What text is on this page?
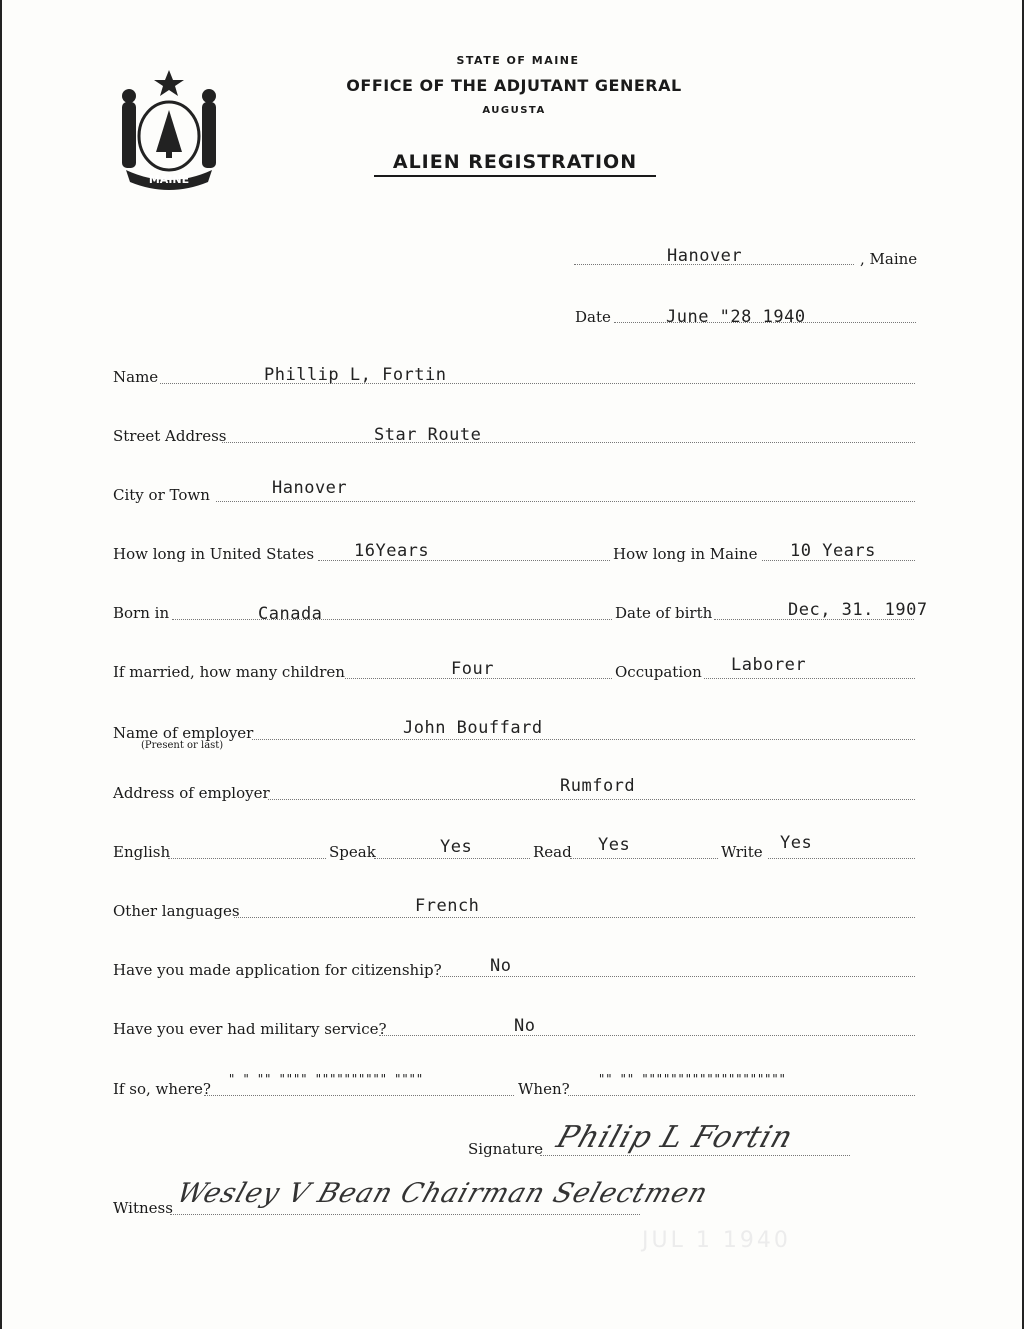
MAINE
STATE OF MAINE
OFFICE OF THE ADJUTANT GENERAL
AUGUSTA
ALIEN REGISTRATION
Hanover	, Maine
Date	June "28 1940
Name	Phillip L, Fortin
Street Address	Star Route
City or Town	Hanover
How long in United States 16Years	How long in Maine 10 Years
Born in	Canada	Date of birth	Dec, 31. 1907
If married, how many children	Four	Occupation Laborer
Name of employer
(Present or last)
John Bouffard
Address of employer	Rumford
English	Speak	Yes	Read Yes	Write Yes
Other languages	French
Have you made application for citizenship?	No
Have you ever had military service?	No
If so, where?
" " "" """" """""""""" """"
When?
"" "" """"""""""""""""""""
Signature Philip L Fortin
Witness Wesley V Bean Chairman Selectmen
JUL 1 1940
